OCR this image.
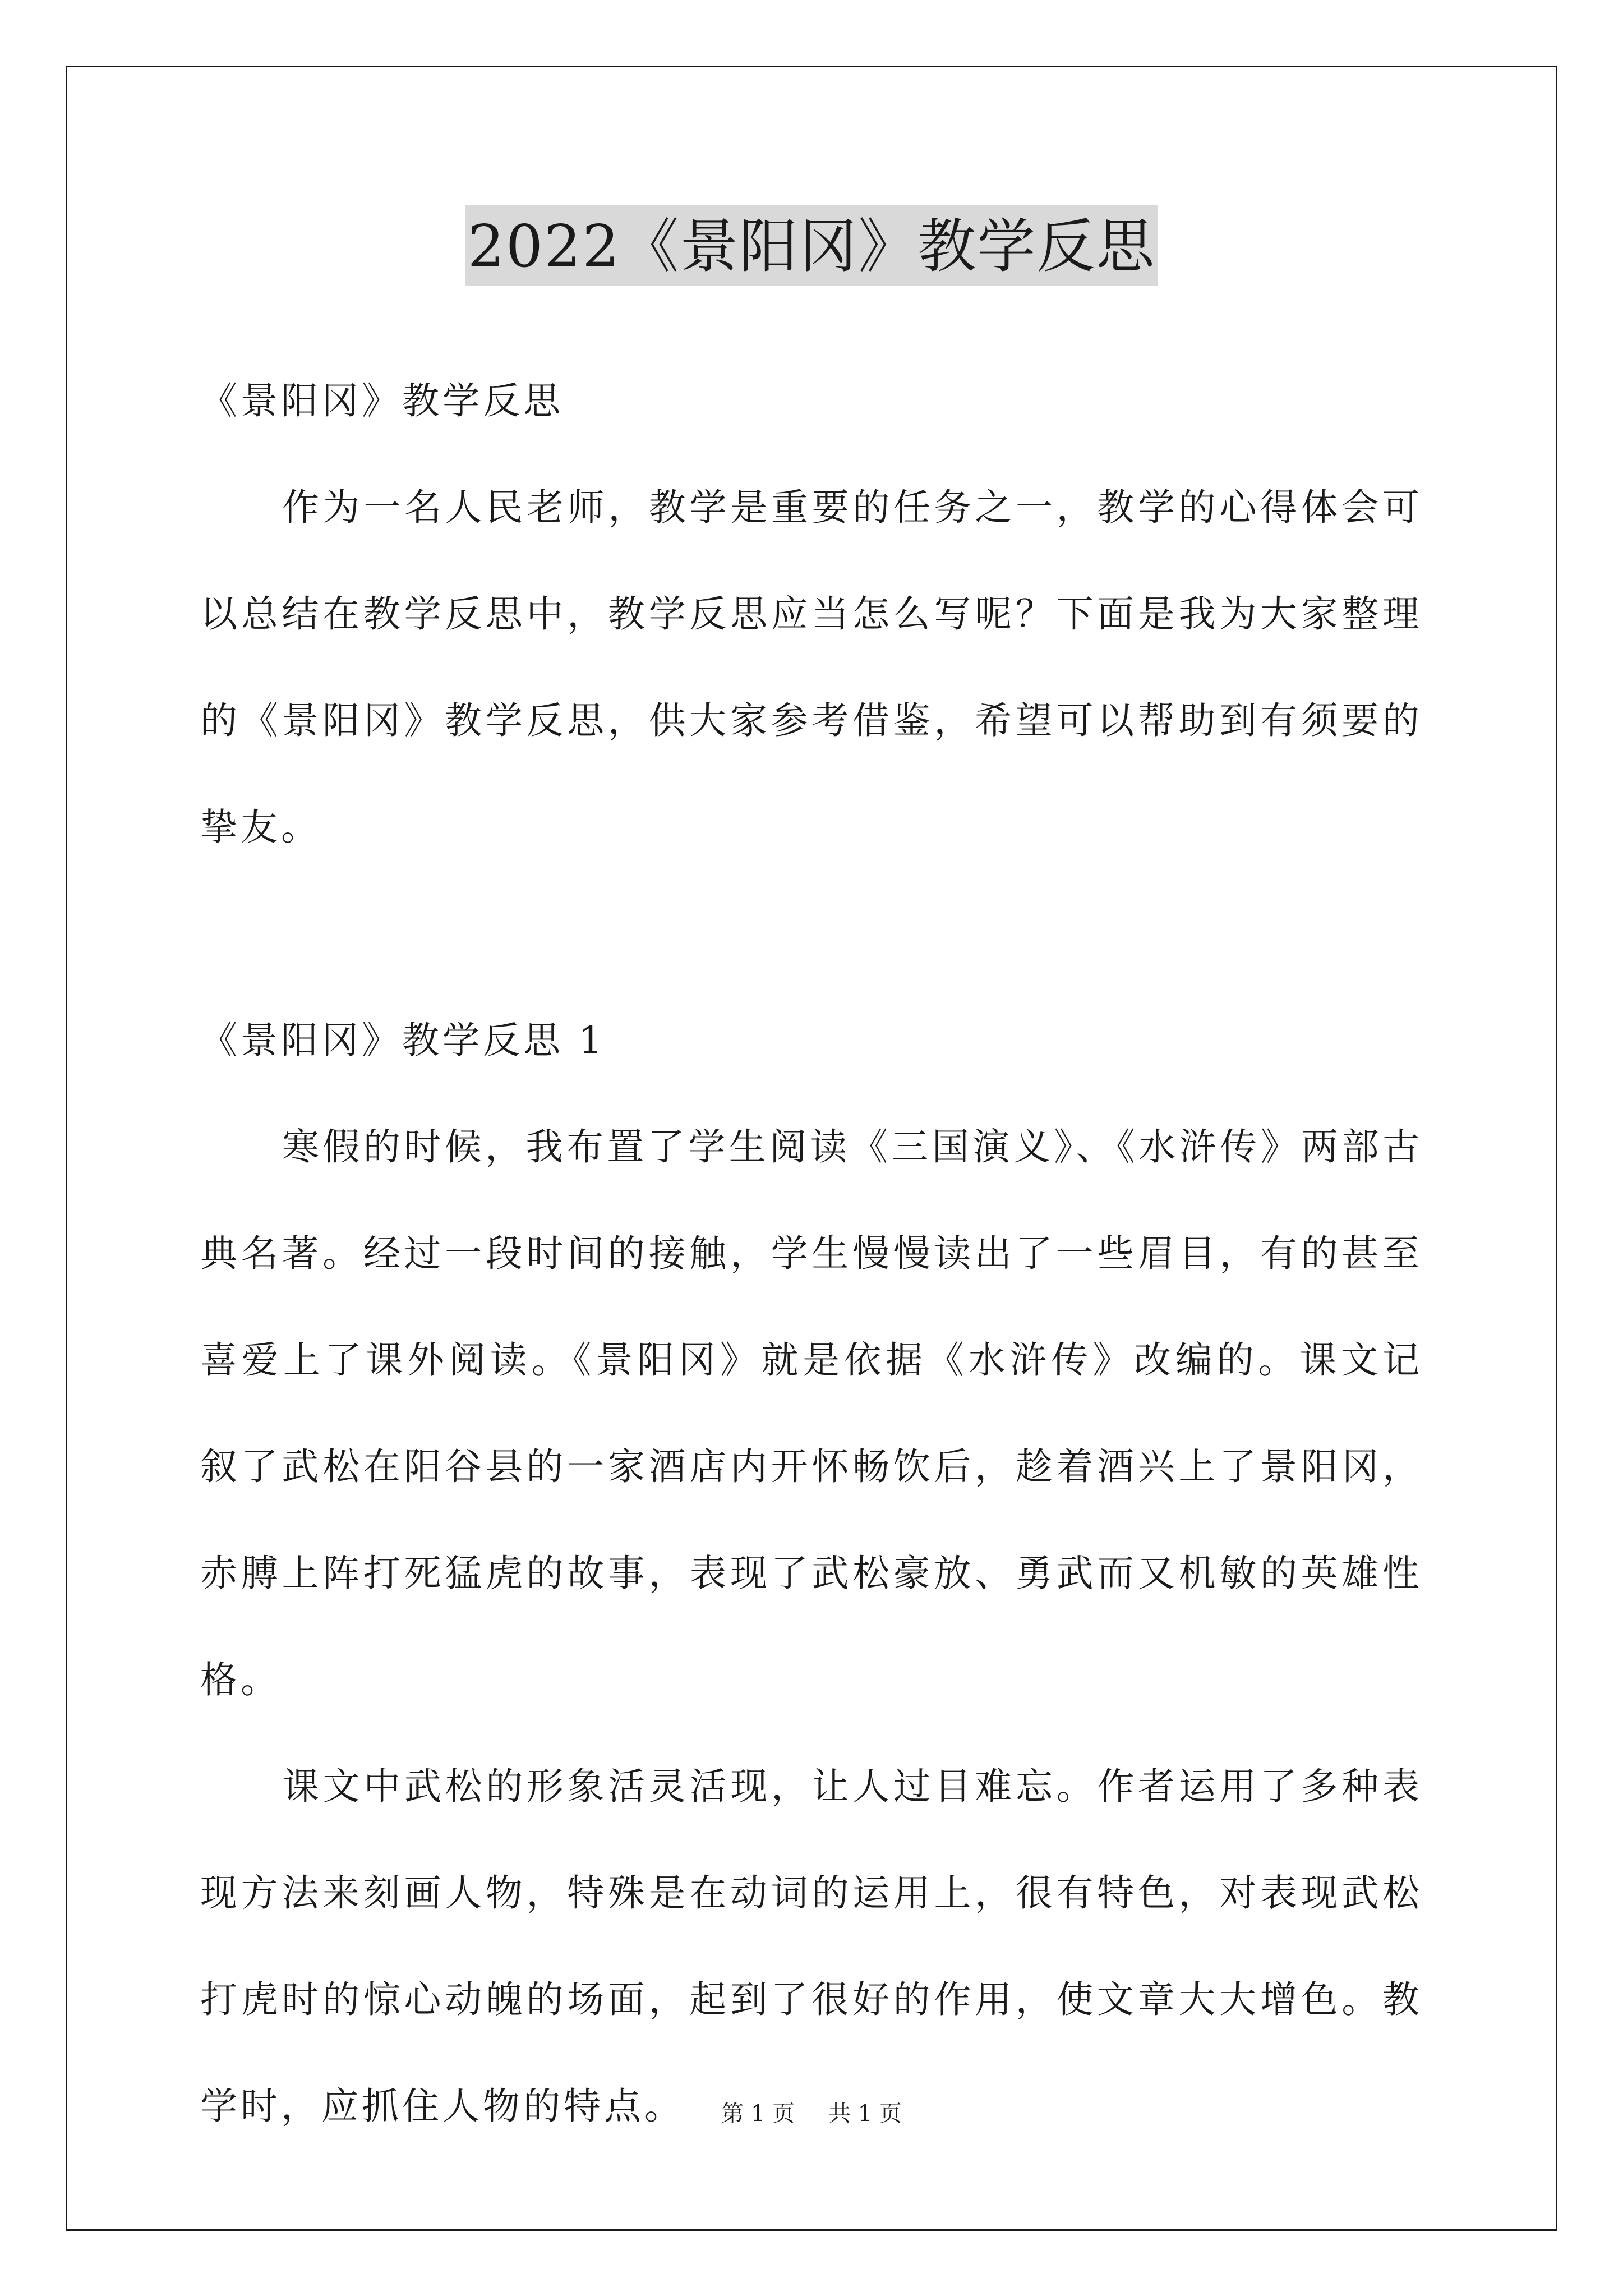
2022《景阳冈》教学反思

《景阳冈》教学反思

作为一名人民老师，教学是重要的任务之一，教学的心得体会可以总结在教学反思中，教学反思应当怎么写呢？下面是我为大家整理的《景阳冈》教学反思，供大家参考借鉴，希望可以帮助到有须要的挚友。

《景阳冈》教学反思 1

寒假的时候，我布置了学生阅读《三国演义》、《水浒传》两部古典名著。经过一段时间的接触，学生慢慢读出了一些眉目，有的甚至喜爱上了课外阅读。《景阳冈》就是依据《水浒传》改编的。课文记叙了武松在阳谷县的一家酒店内开怀畅饮后，趁着酒兴上了景阳冈，赤膊上阵打死猛虎的故事，表现了武松豪放、勇武而又机敏的英雄性格。

课文中武松的形象活灵活现，让人过目难忘。作者运用了多种表现方法来刻画人物，特殊是在动词的运用上，很有特色，对表现武松打虎时的惊心动魄的场面，起到了很好的作用，使文章大大增色。教学时，应抓住人物的特点。	第 1 页 共 1 页
